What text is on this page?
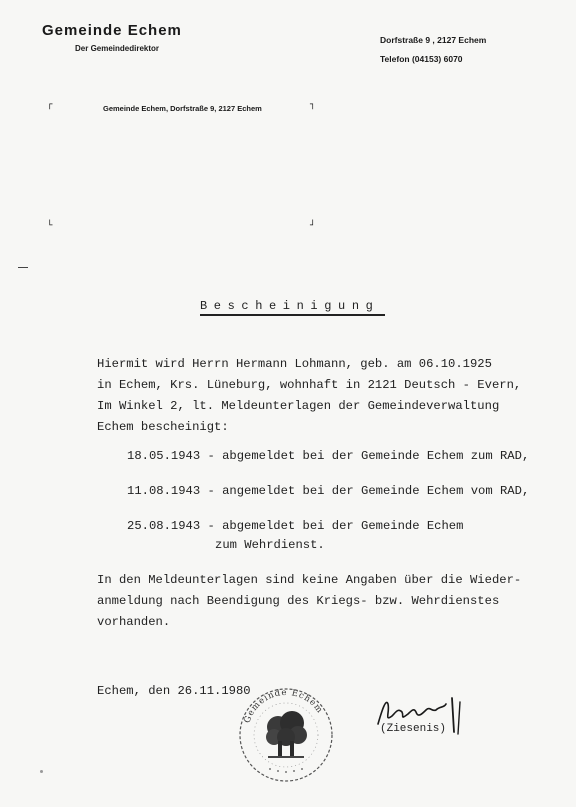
Gemeinde Echem
Der Gemeindedirektor
Dorfstraße 9 , 2127 Echem
Telefon (04153) 6070
┌	┐
└	┘
Gemeinde Echem, Dorfstraße 9, 2127 Echem
Bescheinigung
Hiermit wird Herrn Hermann Lohmann, geb. am 06.10.1925
in Echem, Krs. Lüneburg, wohnhaft in 2121 Deutsch - Evern,
Im Winkel 2, lt. Meldeunterlagen der Gemeindeverwaltung
Echem bescheinigt:
18.05.1943 - abgemeldet bei der Gemeinde Echem zum RAD,
11.08.1943 - angemeldet bei der Gemeinde Echem vom RAD,
25.08.1943 - abgemeldet bei der Gemeinde Echem
zum Wehrdienst.
In den Meldeunterlagen sind keine Angaben über die Wieder-
anmeldung nach Beendigung des Kriegs- bzw. Wehrdienstes
vorhanden.
Echem, den 26.11.1980
Gemeinde Echem
(Ziesenis)
